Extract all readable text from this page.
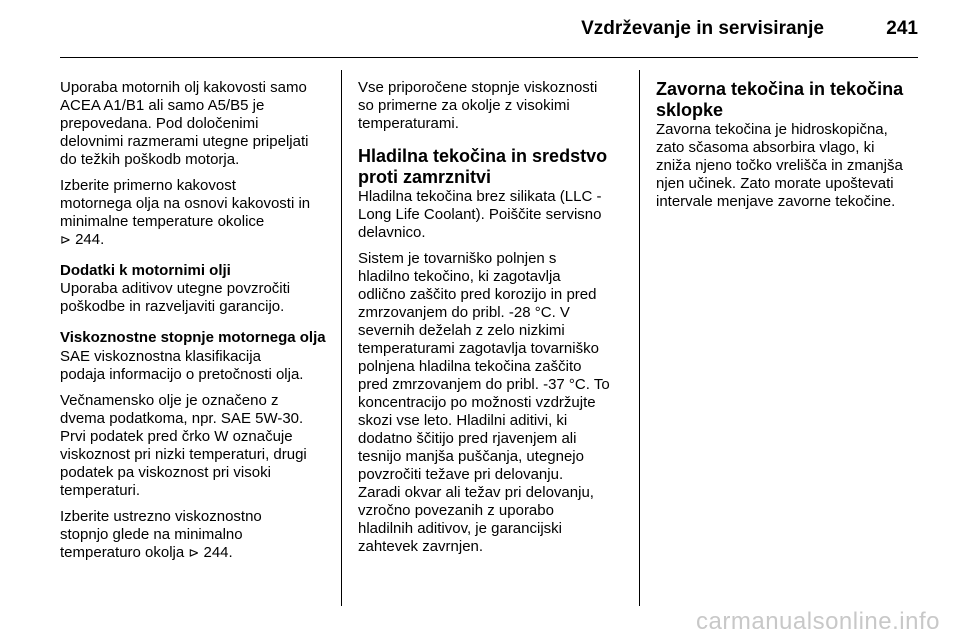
Vzdrževanje in servisiranje	241
Uporaba motornih olj kakovosti samo
ACEA A1/B1 ali samo A5/B5 je
prepovedana. Pod določenimi
delovnimi razmerami utegne pripeljati
do težkih poškodb motorja.
Izberite primerno kakovost
motornega olja na osnovi kakovosti in
minimalne temperature okolice
⊳ 244.
Dodatki k motornimi olji
Uporaba aditivov utegne povzročiti
poškodbe in razveljaviti garancijo.
Viskoznostne stopnje motornega olja
SAE viskoznostna klasifikacija
podaja informacijo o pretočnosti olja.
Večnamensko olje je označeno z
dvema podatkoma, npr. SAE 5W-30.
Prvi podatek pred črko W označuje
viskoznost pri nizki temperaturi, drugi
podatek pa viskoznost pri visoki
temperaturi.
Izberite ustrezno viskoznostno
stopnjo glede na minimalno
temperaturo okolja ⊳ 244.
Vse priporočene stopnje viskoznosti
so primerne za okolje z visokimi
temperaturami.
Hladilna tekočina in sredstvo
proti zamrznitvi
Hladilna tekočina brez silikata (LLC -
Long Life Coolant). Poiščite servisno
delavnico.
Sistem je tovarniško polnjen s
hladilno tekočino, ki zagotavlja
odlično zaščito pred korozijo in pred
zmrzovanjem do pribl. -28 °C. V
severnih deželah z zelo nizkimi
temperaturami zagotavlja tovarniško
polnjena hladilna tekočina zaščito
pred zmrzovanjem do pribl. -37 °C. To
koncentracijo po možnosti vzdržujte
skozi vse leto. Hladilni aditivi, ki
dodatno ščitijo pred rjavenjem ali
tesnijo manjša puščanja, utegnejo
povzročiti težave pri delovanju.
Zaradi okvar ali težav pri delovanju,
vzročno povezanih z uporabo
hladilnih aditivov, je garancijski
zahtevek zavrnjen.
Zavorna tekočina in tekočina
sklopke
Zavorna tekočina je hidroskopična,
zato sčasoma absorbira vlago, ki
zniža njeno točko vrelišča in zmanjša
njen učinek. Zato morate upoštevati
intervale menjave zavorne tekočine.
carmanualsonline.info
